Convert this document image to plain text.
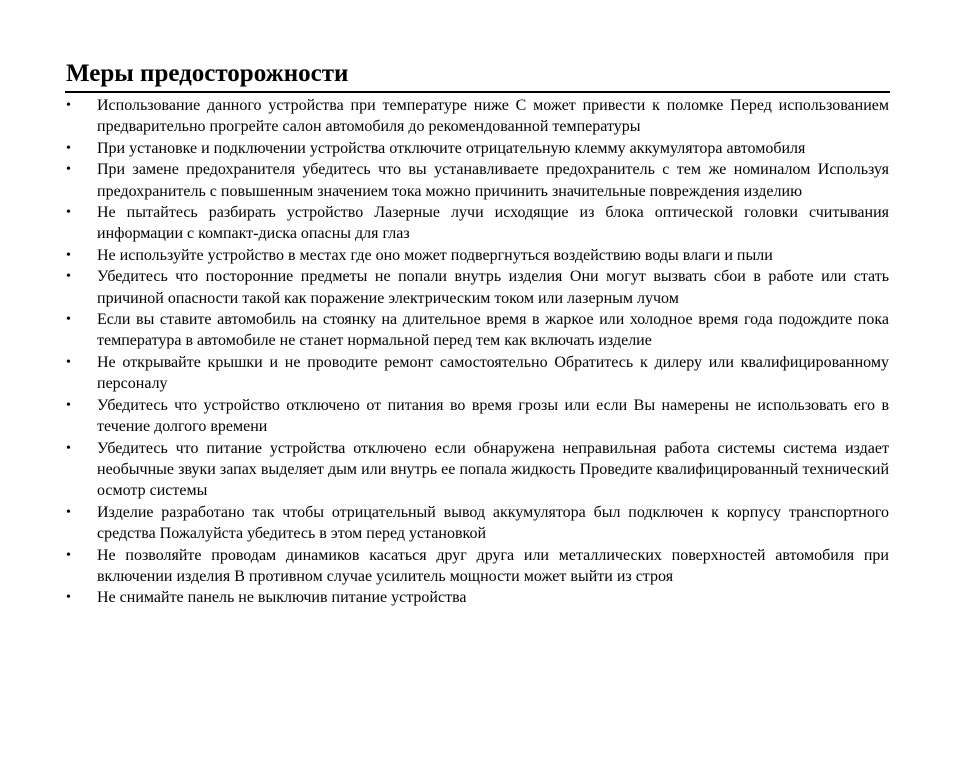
Меры предосторожности
•	Использование данного устройства при температуре ниже С может привести к поломке Перед использованием предварительно прогрейте салон автомобиля до рекомендованной температуры
•	При установке и подключении устройства отключите отрицательную клемму аккумулятора автомобиля
•	При замене предохранителя убедитесь что вы устанавливаете предохранитель с тем же номиналом Используя предохранитель с повышенным значением тока можно причинить значительные повреждения изделию
•	Не пытайтесь разбирать устройство Лазерные лучи исходящие из блока оптической головки считывания информации с компакт-диска опасны для глаз
•	Не используйте устройство в местах где оно может подвергнуться воздействию воды влаги и пыли
•	Убедитесь что посторонние предметы не попали внутрь изделия Они могут вызвать сбои в работе или стать причиной опасности такой как поражение электрическим током или лазерным лучом
•	Если вы ставите автомобиль на стоянку на длительное время в жаркое или холодное время года подождите пока температура в автомобиле не станет нормальной перед тем как включать изделие
•	Не открывайте крышки и не проводите ремонт самостоятельно Обратитесь к дилеру или квалифицированному персоналу
•	Убедитесь что устройство отключено от питания во время грозы или если Вы намерены не использовать его в течение долгого времени
•	Убедитесь что питание устройства отключено если обнаружена неправильная работа системы система издает необычные звуки запах выделяет дым или внутрь ее попала жидкость Проведите квалифицированный технический осмотр системы
•	Изделие разработано так чтобы отрицательный вывод аккумулятора был подключен к корпусу транспортного средства Пожалуйста убедитесь в этом перед установкой
•	Не позволяйте проводам динамиков касаться друг друга или металлических поверхностей автомобиля при включении изделия В противном случае усилитель мощности может выйти из строя
•	Не снимайте панель не выключив питание устройства
